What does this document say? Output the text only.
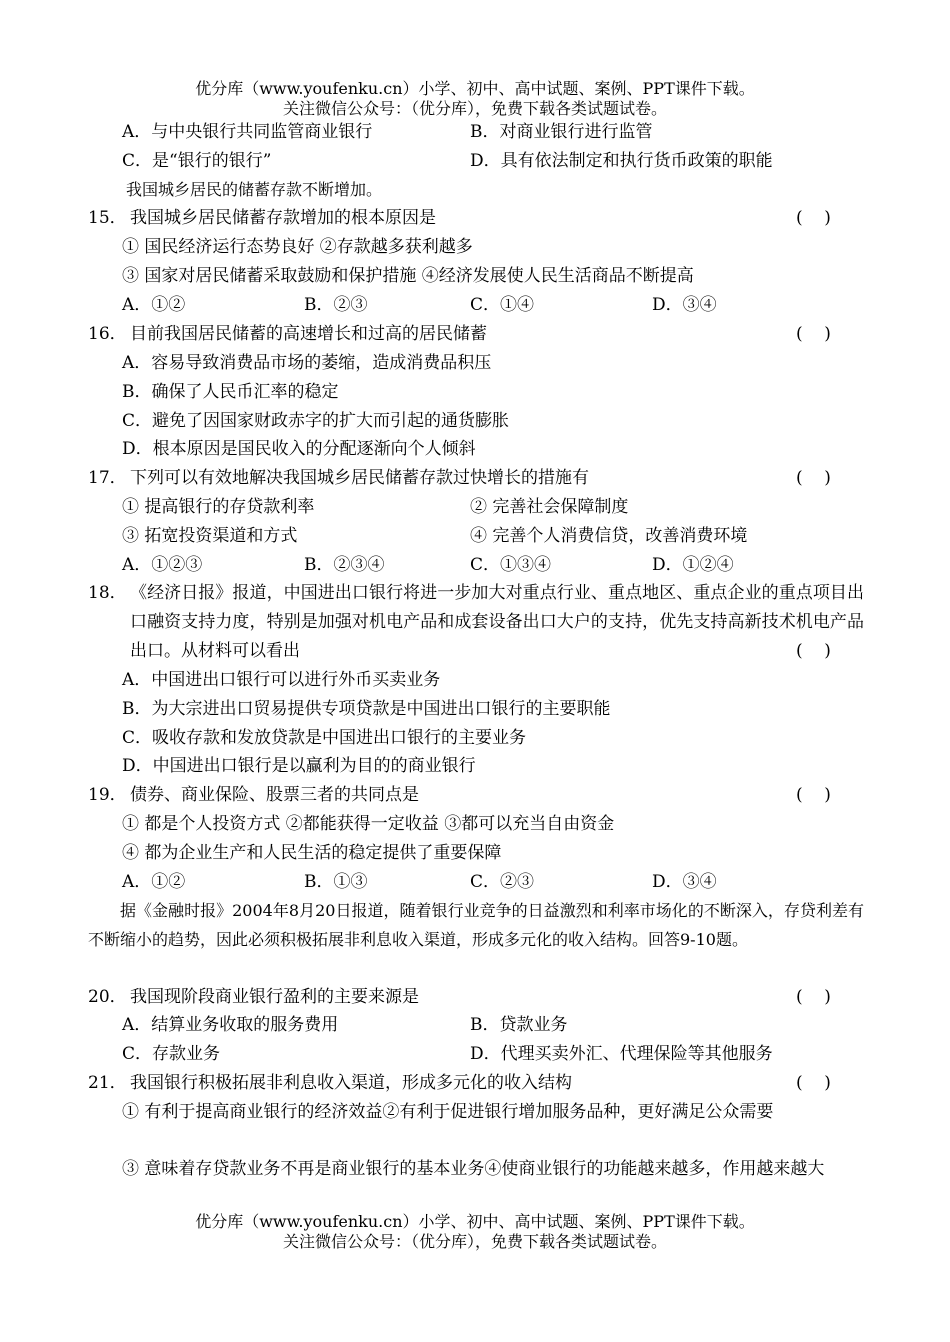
优分库（www.youfenku.cn）小学、初中、高中试题、案例、PPT课件下载。
关注微信公众号：（优分库），免费下载各类试题试卷。
A．与中央银行共同监管商业银行	B．对商业银行进行监管
C．是“银行的银行”	D．具有依法制定和执行货币政策的职能
我国城乡居民的储蓄存款不断增加。
15． 我国城乡居民储蓄存款增加的根本原因是	(    )
① 国民经济运行态势良好 ②存款越多获利越多
③ 国家对居民储蓄采取鼓励和保护措施 ④经济发展使人民生活商品不断提高
A．①②	B．②③	C．①④	D．③④
16． 目前我国居民储蓄的高速增长和过高的居民储蓄	(    )
A．容易导致消费品市场的萎缩，造成消费品积压
B．确保了人民币汇率的稳定
C．避免了因国家财政赤字的扩大而引起的通货膨胀
D．根本原因是国民收入的分配逐渐向个人倾斜
17． 下列可以有效地解决我国城乡居民储蓄存款过快增长的措施有	(    )
① 提高银行的存贷款利率	② 完善社会保障制度
③ 拓宽投资渠道和方式	④ 完善个人消费信贷，改善消费环境
A．①②③	B．②③④	C．①③④	D．①②④
18． 《经济日报》报道，中国进出口银行将进一步加大对重点行业、重点地区、重点企业的重点项目出口融资支持力度，特别是加强对机电产品和成套设备出口大户的支持，优先支持高新技术机电产品出口。从材料可以看出	(    )
A．中国进出口银行可以进行外币买卖业务
B．为大宗进出口贸易提供专项贷款是中国进出口银行的主要职能
C．吸收存款和发放贷款是中国进出口银行的主要业务
D．中国进出口银行是以赢利为目的的商业银行
19． 债券、商业保险、股票三者的共同点是	(    )
① 都是个人投资方式 ②都能获得一定收益 ③都可以充当自由资金
④ 都为企业生产和人民生活的稳定提供了重要保障
A．①②	B．①③	C．②③	D．③④
据《金融时报》2004年8月20日报道，随着银行业竞争的日益激烈和利率市场化的不断深入，存贷利差有不断缩小的趋势，因此必须积极拓展非利息收入渠道，形成多元化的收入结构。回答9-10题。
20． 我国现阶段商业银行盈利的主要来源是	(    )
A．结算业务收取的服务费用	B．贷款业务
C．存款业务	D．代理买卖外汇、代理保险等其他服务
21． 我国银行积极拓展非利息收入渠道，形成多元化的收入结构	(    )
① 有利于提高商业银行的经济效益②有利于促进银行增加服务品种，更好满足公众需要
③ 意味着存贷款业务不再是商业银行的基本业务④使商业银行的功能越来越多，作用越来越大
优分库（www.youfenku.cn）小学、初中、高中试题、案例、PPT课件下载。
关注微信公众号：（优分库），免费下载各类试题试卷。
